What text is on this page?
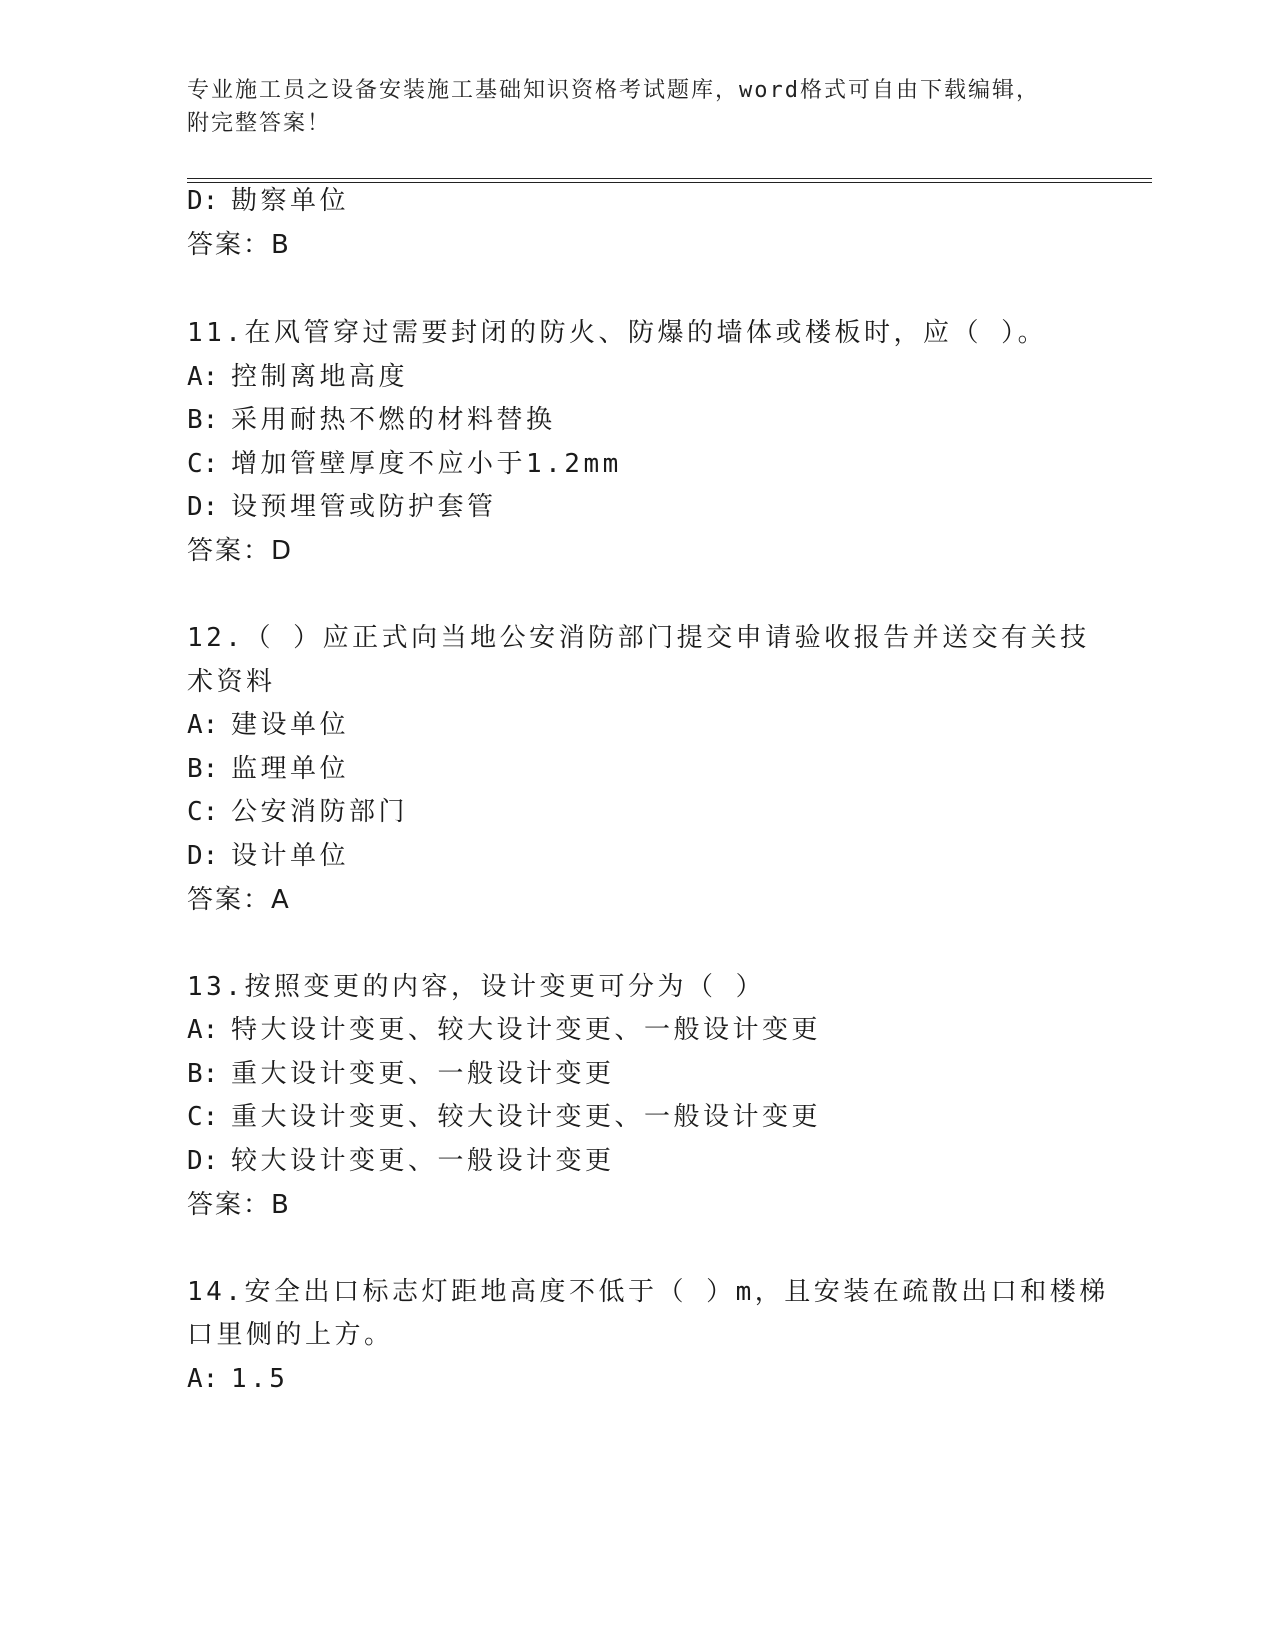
专业施工员之设备安装施工基础知识资格考试题库，word格式可自由下载编辑，
附完整答案！
D: 勘察单位
答案：B
11.在风管穿过需要封闭的防火、防爆的墙体或楼板时，应（ ）。
A: 控制离地高度
B: 采用耐热不燃的材料替换
C: 增加管壁厚度不应小于1.2mm
D: 设预埋管或防护套管
答案：D
12.（ ）应正式向当地公安消防部门提交申请验收报告并送交有关技
术资料
A: 建设单位
B: 监理单位
C: 公安消防部门
D: 设计单位
答案：A
13.按照变更的内容，设计变更可分为（ ）
A: 特大设计变更、较大设计变更、一般设计变更
B: 重大设计变更、一般设计变更
C: 重大设计变更、较大设计变更、一般设计变更
D: 较大设计变更、一般设计变更
答案：B
14.安全出口标志灯距地高度不低于（ ）m，且安装在疏散出口和楼梯
口里侧的上方。
A: 1.5
